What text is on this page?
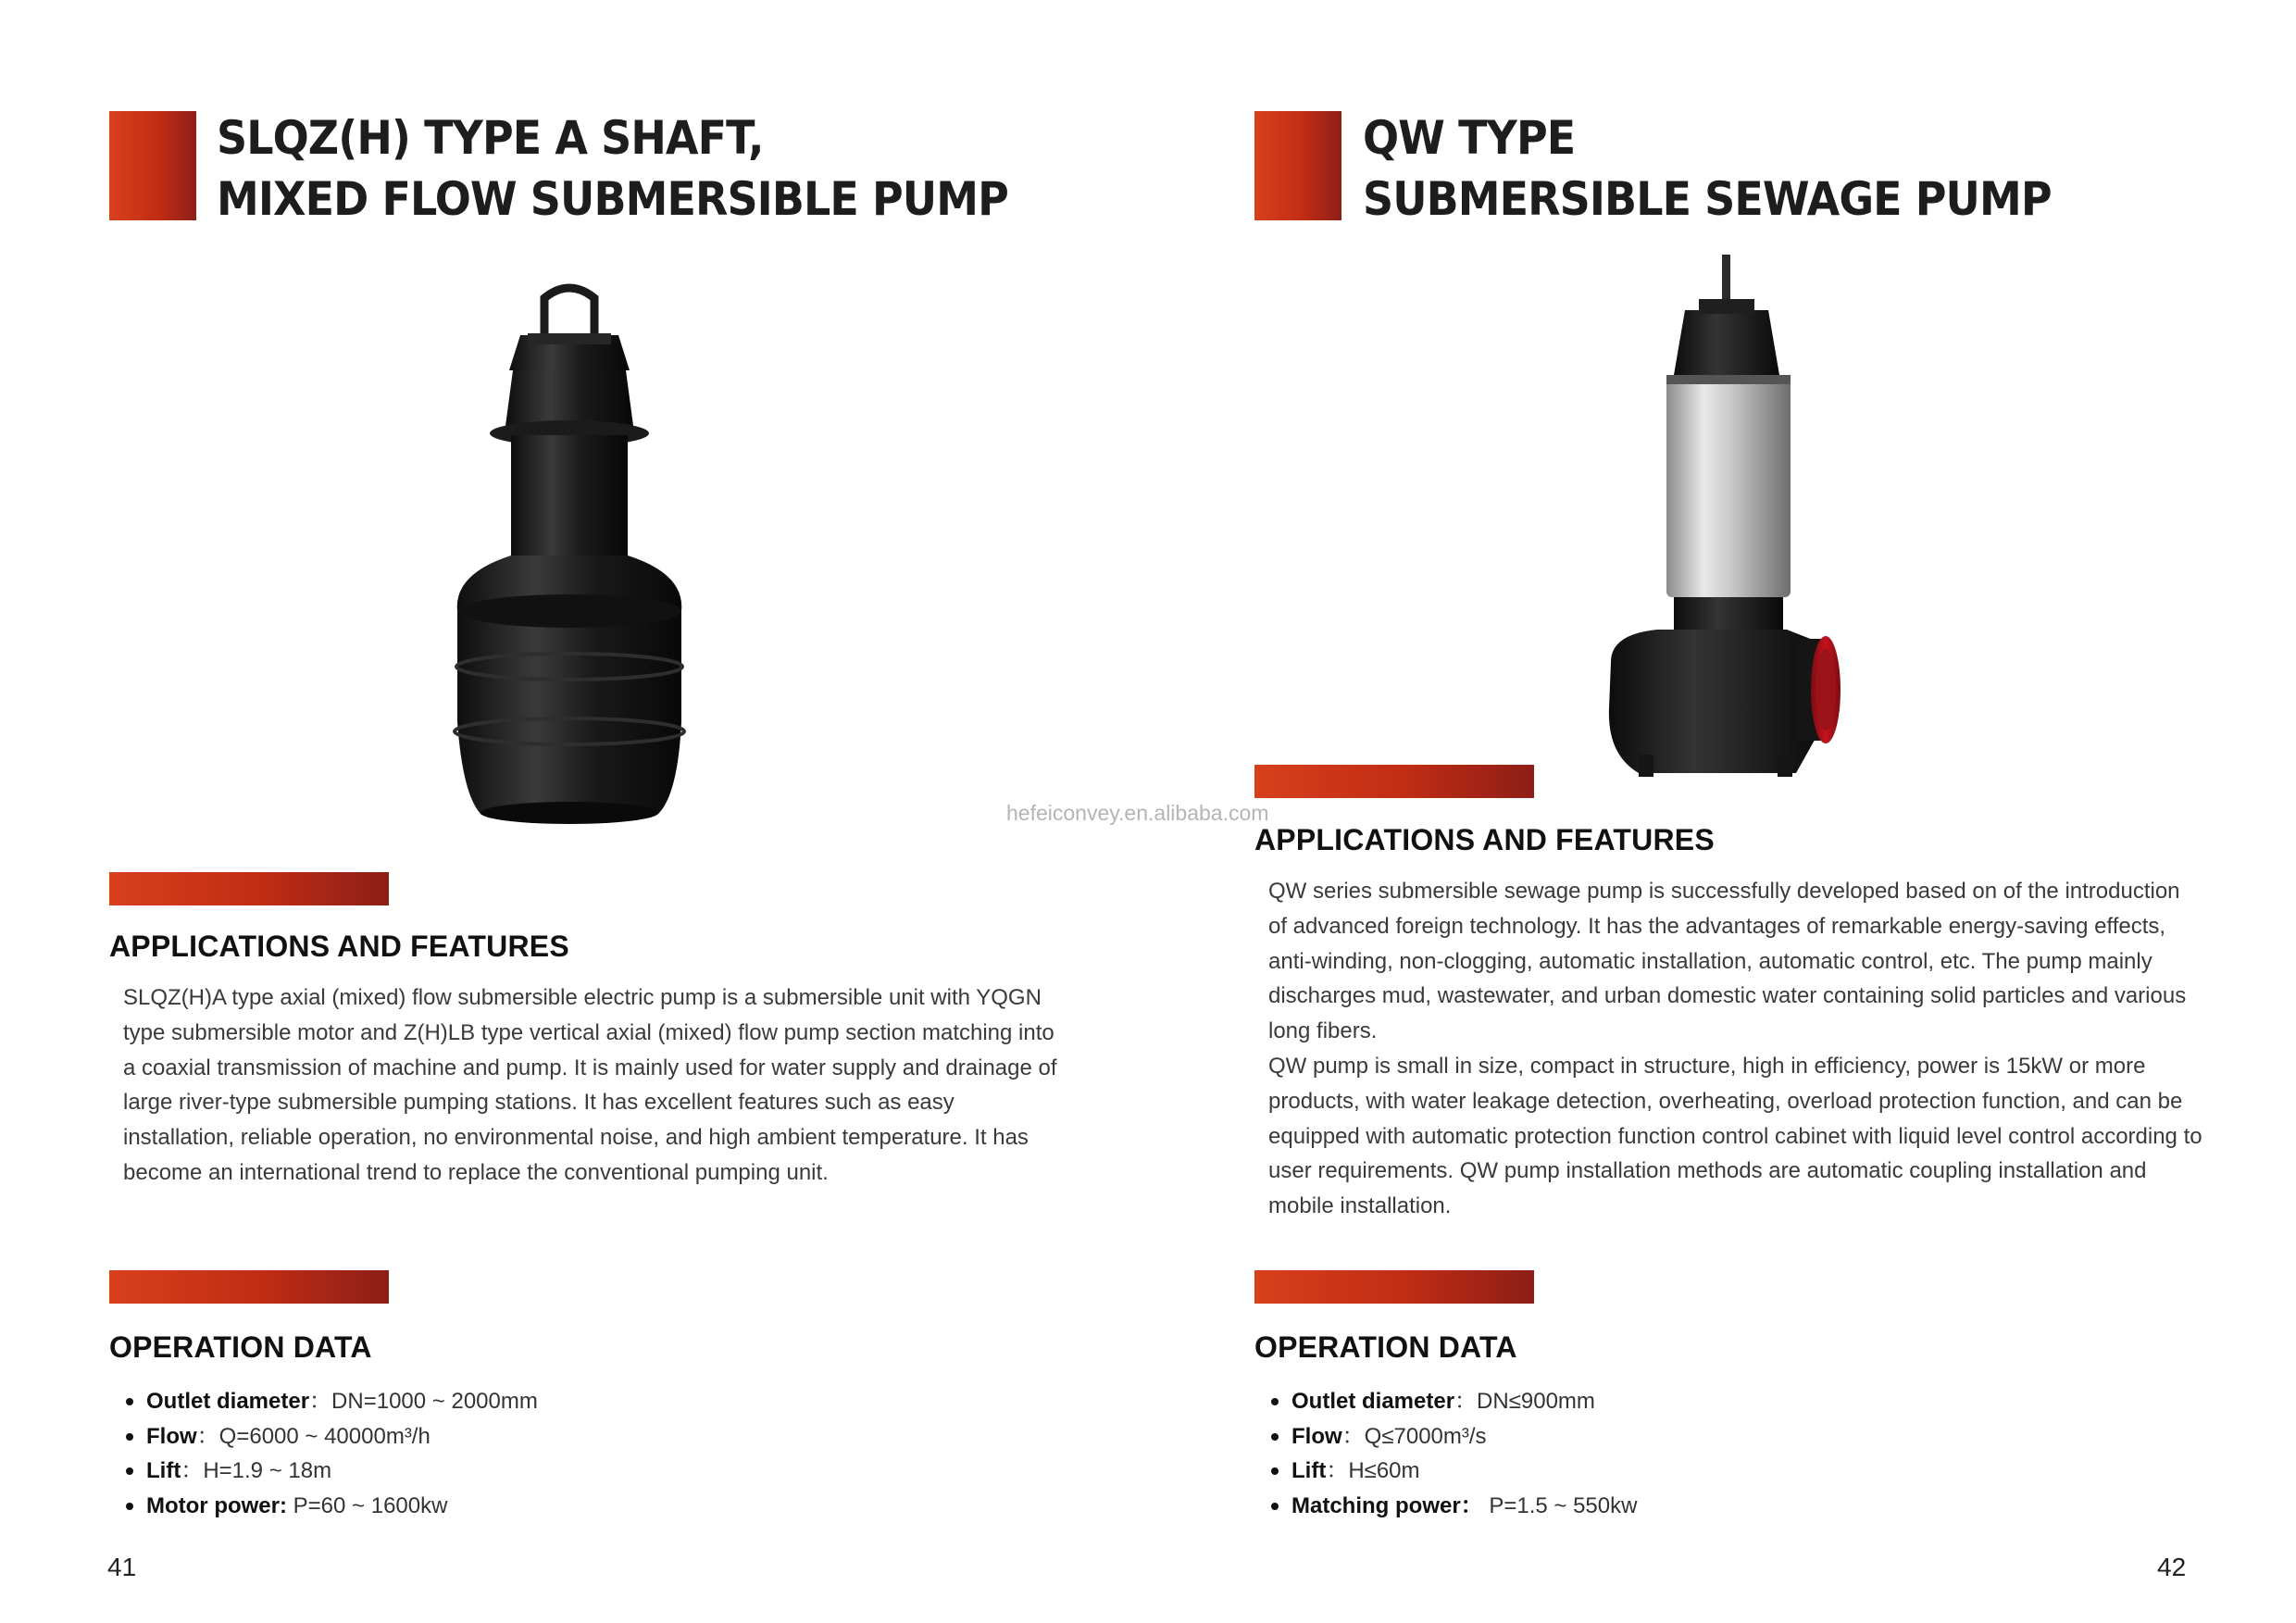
SLQZ(H) TYPE A SHAFT,
MIXED FLOW SUBMERSIBLE PUMP
APPLICATIONS AND FEATURES

SLQZ(H)A type axial (mixed) flow submersible electric pump is a submersible unit with YQGN type submersible motor and Z(H)LB type vertical axial (mixed) flow pump section matching into a coaxial transmission of machine and pump. It is mainly used for water supply and drainage of large river-type submersible pumping stations. It has excellent features such as easy installation, reliable operation, no environmental noise, and high ambient temperature. It has become an international trend to replace the conventional pumping unit.

OPERATION DATA
Outlet diameter：DN=1000 ~ 2000mm
Flow：Q=6000 ~ 40000m³/h
Lift：H=1.9 ~ 18m
Motor power: P=60 ~ 1600kw
41
hefeiconvey.en.alibaba.com
QW TYPE
SUBMERSIBLE SEWAGE PUMP
APPLICATIONS AND FEATURES

QW series submersible sewage pump is successfully developed based on of the introduction of advanced foreign technology. It has the advantages of remarkable energy-saving effects, anti-winding, non-clogging, automatic installation, automatic control, etc. The pump mainly discharges mud, wastewater, and urban domestic water containing solid particles and various long fibers.

QW pump is small in size, compact in structure, high in efficiency, power is 15kW or more products, with water leakage detection, overheating, overload protection function, and can be equipped with automatic protection function control cabinet with liquid level control according to user requirements. QW pump installation methods are automatic coupling installation and mobile installation.

OPERATION DATA
Outlet diameter：DN≤900mm
Flow：Q≤7000m³/s
Lift：H≤60m
Matching power： P=1.5 ~ 550kw
42
